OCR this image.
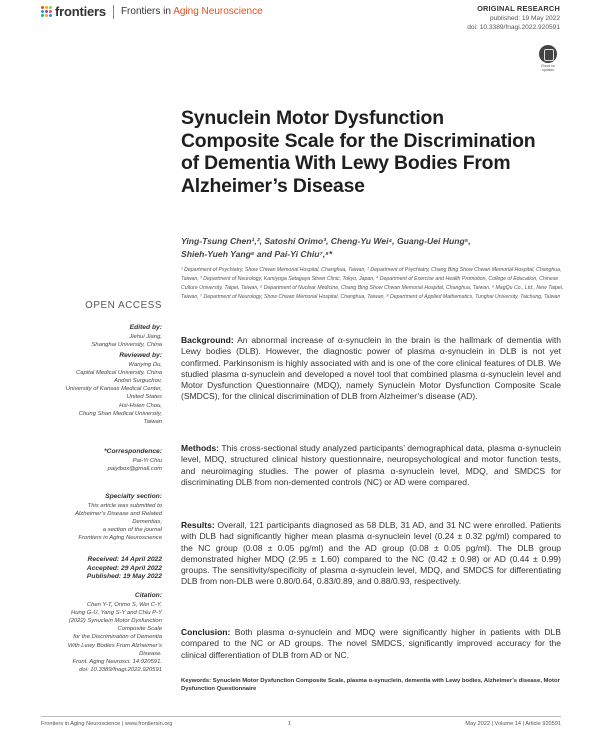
frontiers Frontiers in Aging Neuroscience	ORIGINAL RESEARCH
published: 19 May 2022
doi: 10.3389/fnagi.2022.920591
Check for updates
Synuclein Motor Dysfunction Composite Scale for the Discrimination of Dementia With Lewy Bodies From Alzheimer’s Disease
Ying-Tsung Chen¹,², Satoshi Orimo³, Cheng-Yu Wei⁴, Guang-Uei Hung⁵,
Shieh-Yueh Yang⁶ and Pai-Yi Chiu⁷,⁸*
¹ Department of Psychiatry, Show Chwan Memorial Hospital, Changhua, Taiwan, ² Department of Psychiatry, Chang Bing Show Chwan Memorial Hospital, Changhua, Taiwan, ³ Department of Neurology, Kamiyoga Setagaya Street Clinic, Tokyo, Japan, ⁴ Department of Exercise and Health Promotion, College of Education, Chinese Culture University, Taipei, Taiwan, ⁵ Department of Nuclear Medicine, Chang Bing Show Chwan Memorial Hospital, Changhua, Taiwan, ⁶ MagQu Co., Ltd., New Taipei, Taiwan, ⁷ Department of Neurology, Show Chwan Memorial Hospital, Changhua, Taiwan, ⁸ Department of Applied Mathematics, Tunghai University, Taichung, Taiwan
OPEN ACCESS
Edited by:

Jiehui Jiang,
Shanghai University, China

Reviewed by:

Wanying Du,
Capital Medical University, China
Andrei Surguchov,
University of Kansas Medical Center,
United States
Hsi-Hsien Chou,
Chung Shan Medical University,
Taiwan

*Correspondence:

Pai-Yi Chiu
paiyibox@gmail.com

Specialty section:

This article was submitted to
Alzheimer’s Disease and Related
Dementias,
a section of the journal
Frontiers in Aging Neuroscience

Received: 14 April 2022
Accepted: 29 April 2022
Published: 19 May 2022
Citation:

Chen Y-T, Orimo S, Wei C-Y,
Hung G-U, Yang S-Y and Chiu P-Y
(2022) Synuclein Motor Dysfunction
Composite Scale
for the Discrimination of Dementia
With Lewy Bodies From Alzheimer’s
Disease.
Front. Aging Neurosci. 14:920591.
doi: 10.3389/fnagi.2022.920591

Background: An abnormal increase of α-synuclein in the brain is the hallmark of dementia with Lewy bodies (DLB). However, the diagnostic power of plasma α-synuclein in DLB is not yet confirmed. Parkinsonism is highly associated with and is one of the core clinical features of DLB. We studied plasma α-synuclein and developed a novel tool that combined plasma α-synuclein level and Motor Dysfunction Questionnaire (MDQ), namely Synuclein Motor Dysfunction Composite Scale (SMDCS), for the clinical discrimination of DLB from Alzheimer’s disease (AD).

Methods: This cross-sectional study analyzed participants’ demographical data, plasma α-synuclein level, MDQ, structured clinical history questionnaire, neuropsychological and motor function tests, and neuroimaging studies. The power of plasma α-synuclein level, MDQ, and SMDCS for discriminating DLB from non-demented controls (NC) or AD were compared.

Results: Overall, 121 participants diagnosed as 58 DLB, 31 AD, and 31 NC were enrolled. Patients with DLB had significantly higher mean plasma α-synuclein level (0.24 ± 0.32 pg/ml) compared to the NC group (0.08 ± 0.05 pg/ml) and the AD group (0.08 ± 0.05 pg/ml). The DLB group demonstrated higher MDQ (2.95 ± 1.60) compared to the NC (0.42 ± 0.98) or AD (0.44 ± 0.99) groups. The sensitivity/specificity of plasma α-synuclein level, MDQ, and SMDCS for differentiating DLB from non-DLB were 0.80/0.64, 0.83/0.89, and 0.88/0.93, respectively.

Conclusion: Both plasma α-synuclein and MDQ were significantly higher in patients with DLB compared to the NC or AD groups. The novel SMDCS, significantly improved accuracy for the clinical differentiation of DLB from AD or NC.

Keywords: Synuclein Motor Dysfunction Composite Scale, plasma α-synuclein, dementia with Lewy bodies, Alzheimer’s disease, Motor Dysfunction Questionnaire
Frontiers in Aging Neuroscience | www.frontiersin.org	1	May 2022 | Volume 14 | Article 920591
